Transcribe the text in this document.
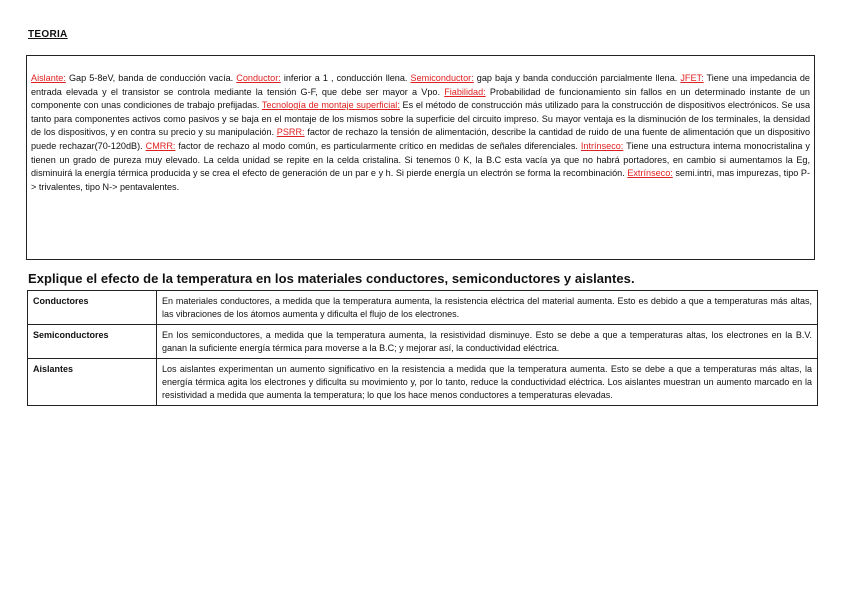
TEORIA

Aislante: Gap 5-8eV, banda de conducción vacía. Conductor: inferior a 1 , conducción llena. Semiconductor: gap baja y banda conducción parcialmente llena. JFET: Tiene una impedancia de entrada elevada y el transistor se controla mediante la tensión G-F, que debe ser mayor a Vpo. Fiabilidad: Probabilidad de funcionamiento sin fallos en un determinado instante de un componente con unas condiciones de trabajo prefijadas. Tecnología de montaje superficial: Es el método de construcción más utilizado para la construcción de dispositivos electrónicos. Se usa tanto para componentes activos como pasivos y se baja en el montaje de los mismos sobre la superficie del circuito impreso. Su mayor ventaja es la disminución de los terminales, la densidad de los dispositivos, y en contra su precio y su manipulación. PSRR: factor de rechazo la tensión de alimentación, describe la cantidad de ruido de una fuente de alimentación que un dispositivo puede rechazar(70-120dB). CMRR: factor de rechazo al modo común, es particularmente crítico en medidas de señales diferenciales. Intrínseco: Tiene una estructura interna monocristalina y tienen un grado de pureza muy elevado. La celda unidad se repite en la celda cristalina. Si tenemos 0 K, la B.C esta vacía ya que no habrá portadores, en cambio si aumentamos la Eg, disminuirá la energía térmica producida y se crea el efecto de generación de un par e y h. Si pierde energía un electrón se forma la recombinación. Extrínseco: semi.intri, mas impurezas, tipo P-> trivalentes, tipo N-> pentavalentes.

Explique el efecto de la temperatura en los materiales conductores, semiconductores y aislantes.
Conductores	En materiales conductores, a medida que la temperatura aumenta, la resistencia eléctrica del material aumenta. Esto es debido a que a temperaturas más altas, las vibraciones de los átomos aumenta y dificulta el flujo de los electrones.
Semiconductores	En los semiconductores, a medida que la temperatura aumenta, la resistividad disminuye. Esto se debe a que a temperaturas altas, los electrones en la B.V. ganan la suficiente energía térmica para moverse a la B.C; y mejorar así, la conductividad eléctrica.
Aislantes	Los aislantes experimentan un aumento significativo en la resistencia a medida que la temperatura aumenta. Esto se debe a que a temperaturas más altas, la energía térmica agita los electrones y dificulta su movimiento y, por lo tanto, reduce la conductividad eléctrica. Los aislantes muestran un aumento marcado en la resistividad a medida que aumenta la temperatura; lo que los hace menos conductores a temperaturas elevadas.
